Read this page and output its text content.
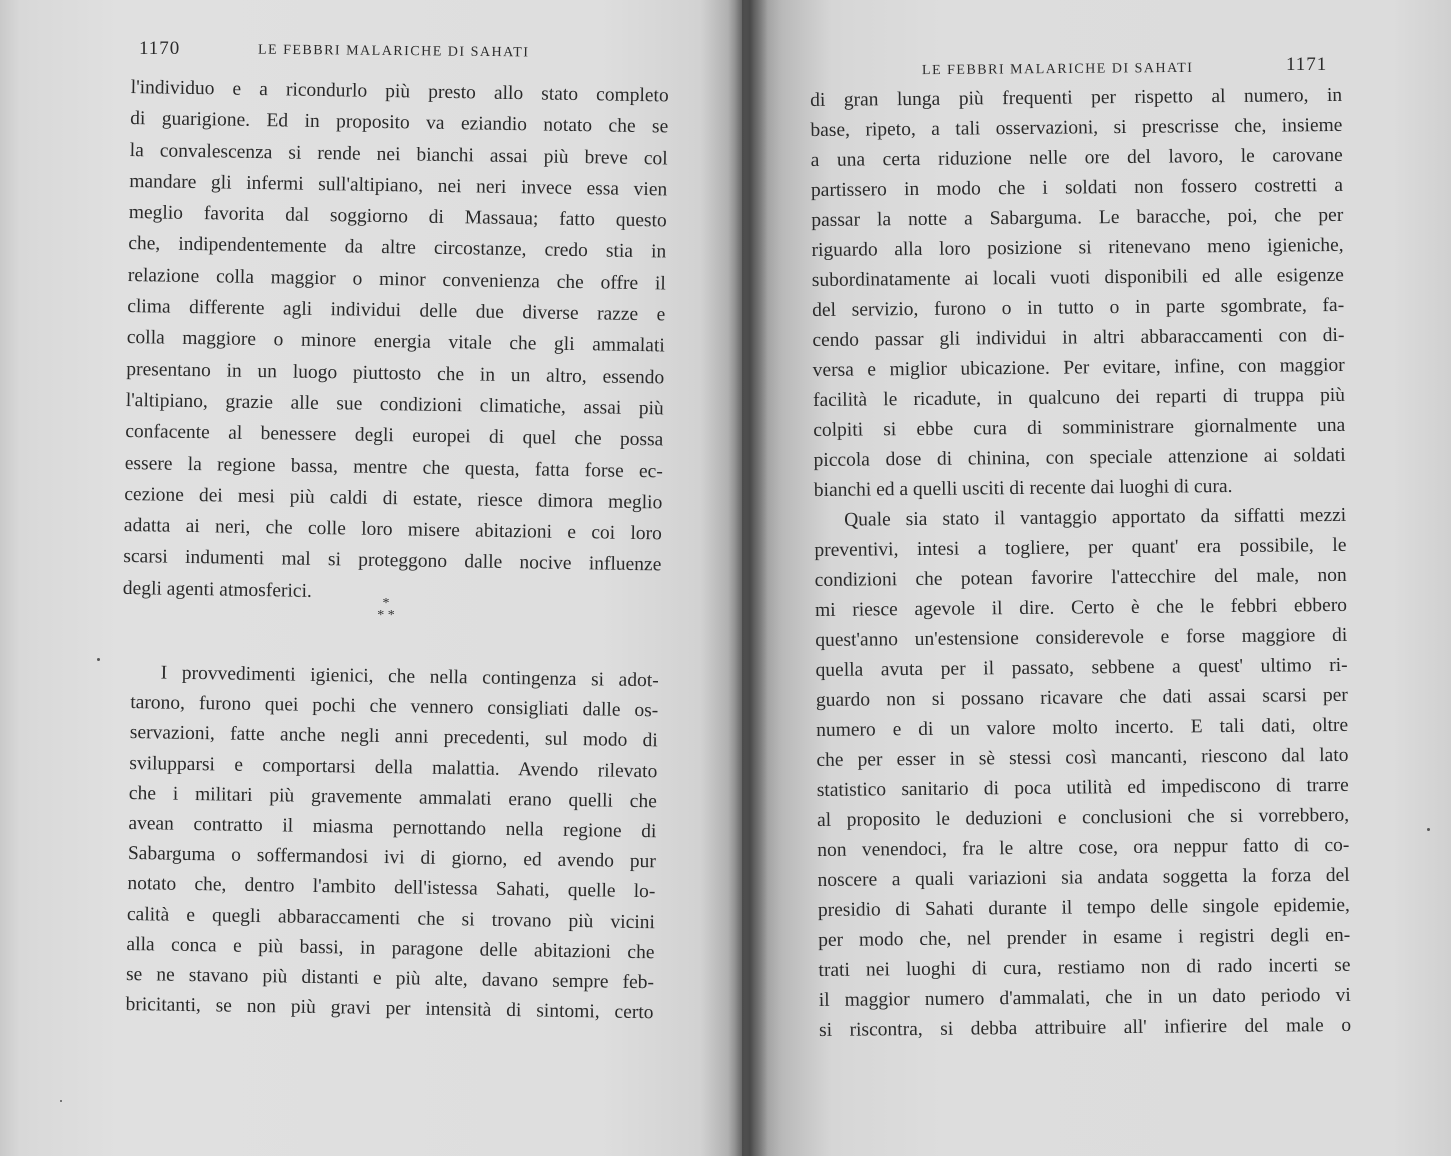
1170	LE FEBBRI MALARICHE DI SAHATI
l'individuo e a ricondurlo più presto allo stato completo
di guarigione. Ed in proposito va eziandio notato che se
la convalescenza si rende nei bianchi assai più breve col
mandare gli infermi sull'altipiano, nei neri invece essa vien
meglio favorita dal soggiorno di Massaua; fatto questo
che, indipendentemente da altre circostanze, credo stia in
relazione colla maggior o minor convenienza che offre il
clima differente agli individui delle due diverse razze e
colla maggiore o minore energia vitale che gli ammalati
presentano in un luogo piuttosto che in un altro, essendo
l'altipiano, grazie alle sue condizioni climatiche, assai più
confacente al benessere degli europei di quel che possa
essere la regione bassa, mentre che questa, fatta forse ec-
cezione dei mesi più caldi di estate, riesce dimora meglio
adatta ai neri, che colle loro misere abitazioni e coi loro
scarsi indumenti mal si proteggono dalle nocive influenze
degli agenti atmosferici.
*
* *
I provvedimenti igienici, che nella contingenza si adot-
tarono, furono quei pochi che vennero consigliati dalle os-
servazioni, fatte anche negli anni precedenti, sul modo di
svilupparsi e comportarsi della malattia. Avendo rilevato
che i militari più gravemente ammalati erano quelli che
avean contratto il miasma pernottando nella regione di
Sabarguma o soffermandosi ivi di giorno, ed avendo pur
notato che, dentro l'ambito dell'istessa Sahati, quelle lo-
calità e quegli abbaraccamenti che si trovano più vicini
alla conca e più bassi, in paragone delle abitazioni che
se ne stavano più distanti e più alte, davano sempre feb-
bricitanti, se non più gravi per intensità di sintomi, certo
LE FEBBRI MALARICHE DI SAHATI	1171
di gran lunga più frequenti per rispetto al numero, in
base, ripeto, a tali osservazioni, si prescrisse che, insieme
a una certa riduzione nelle ore del lavoro, le carovane
partissero in modo che i soldati non fossero costretti a
passar la notte a Sabarguma. Le baracche, poi, che per
riguardo alla loro posizione si ritenevano meno igieniche,
subordinatamente ai locali vuoti disponibili ed alle esigenze
del servizio, furono o in tutto o in parte sgombrate, fa-
cendo passar gli individui in altri abbaraccamenti con di-
versa e miglior ubicazione. Per evitare, infine, con maggior
facilità le ricadute, in qualcuno dei reparti di truppa più
colpiti si ebbe cura di somministrare giornalmente una
piccola dose di chinina, con speciale attenzione ai soldati
bianchi ed a quelli usciti di recente dai luoghi di cura.
Quale sia stato il vantaggio apportato da siffatti mezzi
preventivi, intesi a togliere, per quant' era possibile, le
condizioni che potean favorire l'attecchire del male, non
mi riesce agevole il dire. Certo è che le febbri ebbero
quest'anno un'estensione considerevole e forse maggiore di
quella avuta per il passato, sebbene a quest' ultimo ri-
guardo non si possano ricavare che dati assai scarsi per
numero e di un valore molto incerto. E tali dati, oltre
che per esser in sè stessi così mancanti, riescono dal lato
statistico sanitario di poca utilità ed impediscono di trarre
al proposito le deduzioni e conclusioni che si vorrebbero,
non venendoci, fra le altre cose, ora neppur fatto di co-
noscere a quali variazioni sia andata soggetta la forza del
presidio di Sahati durante il tempo delle singole epidemie,
per modo che, nel prender in esame i registri degli en-
trati nei luoghi di cura, restiamo non di rado incerti se
il maggior numero d'ammalati, che in un dato periodo vi
si riscontra, si debba attribuire all' infierire del male o
